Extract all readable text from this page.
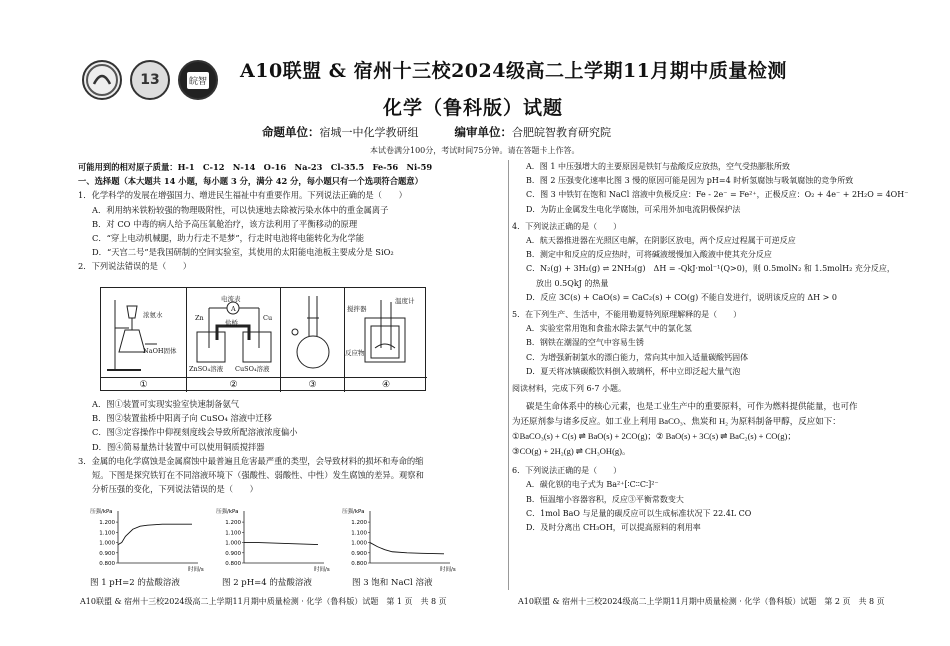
13	皖智 A10联盟 & 宿州十三校2024级高二上学期11月期中质量检测
化学（鲁科版）试题
命题单位：宿城一中化学教研组	编审单位：合肥皖智教育研究院
本试卷满分100分，考试时间75分钟。请在答题卡上作答。

可能用到的相对原子质量：H-1　C-12　N-14　O-16　Na-23　Cl-35.5　Fe-56　Ni-59

一、选择题（本大题共 14 小题，每小题 3 分，满分 42 分，每小题只有一个选项符合题意）

1．化学科学的发展在增强国力、增进民生福祉中有重要作用。下列说法正确的是（　　）

A．利用纳米铁粉较强的物理吸附性，可以快速地去除被污染水体中的重金属离子

B．对 CO 中毒的病人给予高压氧舱治疗，该方法利用了平衡移动的原理

C．“穿上电动机械腿，助力行走不是梦”，行走时电池将电能转化为化学能

D．“天宫二号”是我国研制的空间实验室，其使用的太阳能电池板主要成分是 SiO₂

2．下列说法错误的是（　　）

浓氨水
NaOH固体
①
电流表
A
盐桥
Zn	Cu
ZnSO₄溶液 CuSO₄溶液
②	③
搅拌器
温度计
反应物
④

A．图①装置可实现实验室快速制备氨气

B．图②装置盐桥中阳离子向 CuSO₄ 溶液中迁移

C．图③定容操作中仰视刻度线会导致所配溶液浓度偏小

D．图④简易量热计装置中可以使用铜质搅拌器

3．金属的电化学腐蚀是金属腐蚀中最普遍且危害最严重的类型，会导致材料的损坏和寿命的缩

短。下图是探究铁钉在不同溶液环境下（强酸性、弱酸性、中性）发生腐蚀的差异。观察和

分析压强的变化，下列说法错误的是（　　）

压强/kPa
时间/s
1.200
1.100
1.000
0.900
0.800
压强/kPa
时间/s
1.200
1.100
1.000
0.900
0.800
压强/kPa
时间/s
1.200
1.100
1.000
0.900
0.800
图 1 pH=2 的盐酸溶液	图 2 pH=4 的盐酸溶液	图 3 饱和 NaCl 溶液

A．图 1 中压强增大的主要原因是铁钉与盐酸反应放热，空气受热膨胀所致

B．图 2 压强变化速率比图 3 慢的原因可能是因为 pH=4 时析氢腐蚀与吸氧腐蚀的竞争所致

C．图 3 中铁钉在饱和 NaCl 溶液中负极反应：Fe - 2e⁻ = Fe²⁺，正极反应：O₂ + 4e⁻ + 2H₂O = 4OH⁻

D．为防止金属发生电化学腐蚀，可采用外加电流阴极保护法

4．下列说法正确的是（　　）

A．航天器推进器在光照区电解，在阴影区放电，两个反应过程属于可逆反应

B．测定中和反应的反应热时，可将碱液缓慢加入酸液中使其充分反应

C．N₂(g) + 3H₂(g) ⇌ 2NH₃(g)　ΔH = -QkJ·mol⁻¹(Q>0)，则 0.5molN₂ 和 1.5molH₂ 充分反应，

放出 0.5QkJ 的热量

D．反应 3C(s) + CaO(s) = CaC₂(s) + CO(g) 不能自发进行，说明该反应的 ΔH > 0

5．在下列生产、生活中，不能用勒夏特列原理解释的是（　　）

A．实验室常用饱和食盐水除去氯气中的氯化氢

B．钢铁在潮湿的空气中容易生锈

C．为增强新制氯水的漂白能力，常向其中加入适量碳酸钙固体

D．夏天将冰镇碳酸饮料倒入玻璃杯，杯中立即泛起大量气泡

阅读材料，完成下列 6-7 小题。

碳是生命体系中的核心元素，也是工业生产中的重要原料，可作为燃料提供能量，也可作

为还原剂参与诸多反应。如工业上利用 BaCO₃、焦炭和 H₂ 为原料制备甲醇，反应如下：

①BaCO₃(s) + C(s) ⇌ BaO(s) + 2CO(g)；② BaO(s) + 3C(s) ⇌ BaC₂(s) + CO(g)；

③CO(g) + 2H₂(g) ⇌ CH₃OH(g)。

6．下列说法正确的是（　　）

A．碳化钡的电子式为 Ba²⁺[∶C∶∶C∶]²⁻

B．恒温缩小容器容积，反应③平衡常数变大

C．1mol BaO 与足量的碳反应可以生成标准状况下 22.4L CO

D．及时分离出 CH₃OH，可以提高原料的利用率

A10联盟 & 宿州十三校2024级高二上学期11月期中质量检测 · 化学（鲁科版）试题　第 1 页　共 8 页	A10联盟 & 宿州十三校2024级高二上学期11月期中质量检测 · 化学（鲁科版）试题　第 2 页　共 8 页
